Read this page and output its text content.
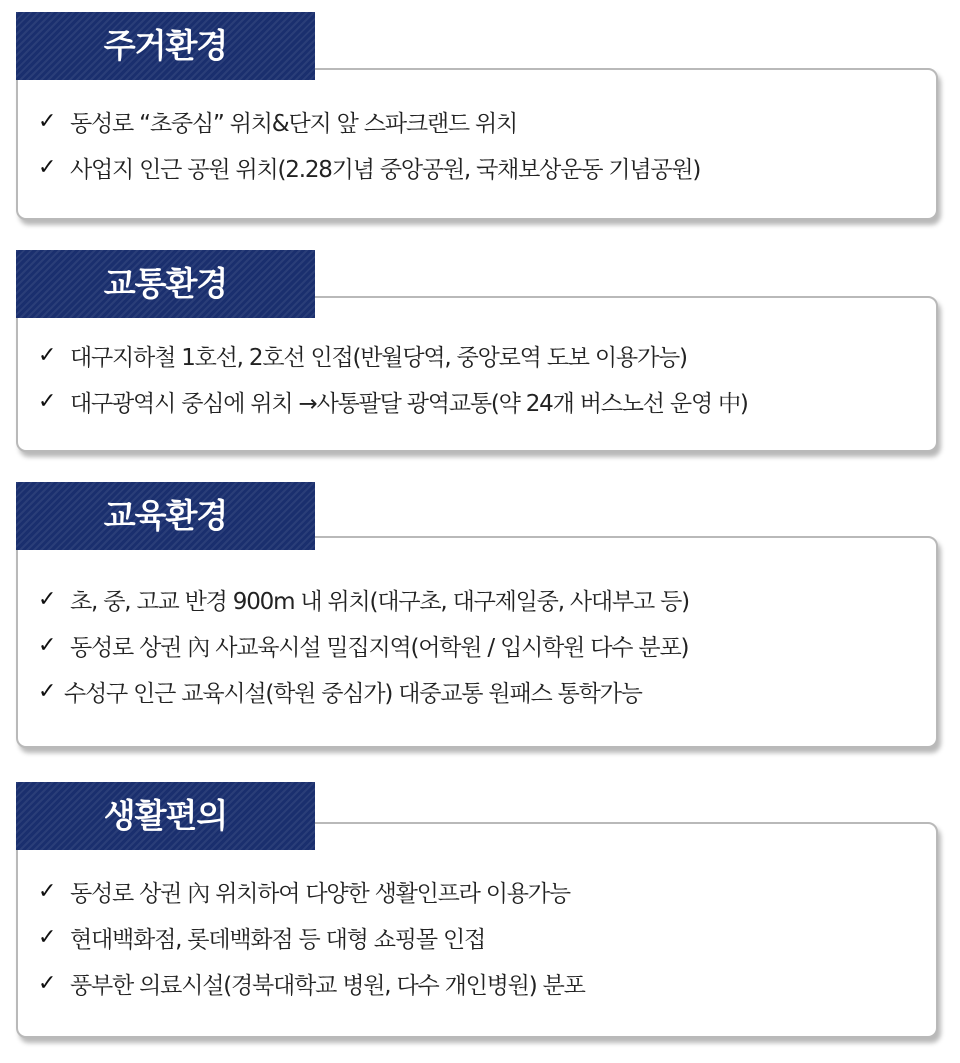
주거환경
✓ 동성로 “초중심” 위치&단지 앞 스파크랜드 위치
✓ 사업지 인근 공원 위치(2.28기념 중앙공원, 국채보상운동 기념공원)
교통환경
✓ 대구지하철 1호선, 2호선 인접(반월당역, 중앙로역 도보 이용가능)
✓ 대구광역시 중심에 위치 →사통팔달 광역교통(약 24개 버스노선 운영 中)
교육환경
✓ 초, 중, 고교 반경 900m 내 위치(대구초, 대구제일중, 사대부고 등)
✓ 동성로 상권 內 사교육시설 밀집지역(어학원 / 입시학원 다수 분포)
✓ 수성구 인근 교육시설(학원 중심가) 대중교통 원패스 통학가능
생활편의
✓ 동성로 상권 內 위치하여 다양한 생활인프라 이용가능
✓ 현대백화점, 롯데백화점 등 대형 쇼핑몰 인접
✓ 풍부한 의료시설(경북대학교 병원, 다수 개인병원) 분포
